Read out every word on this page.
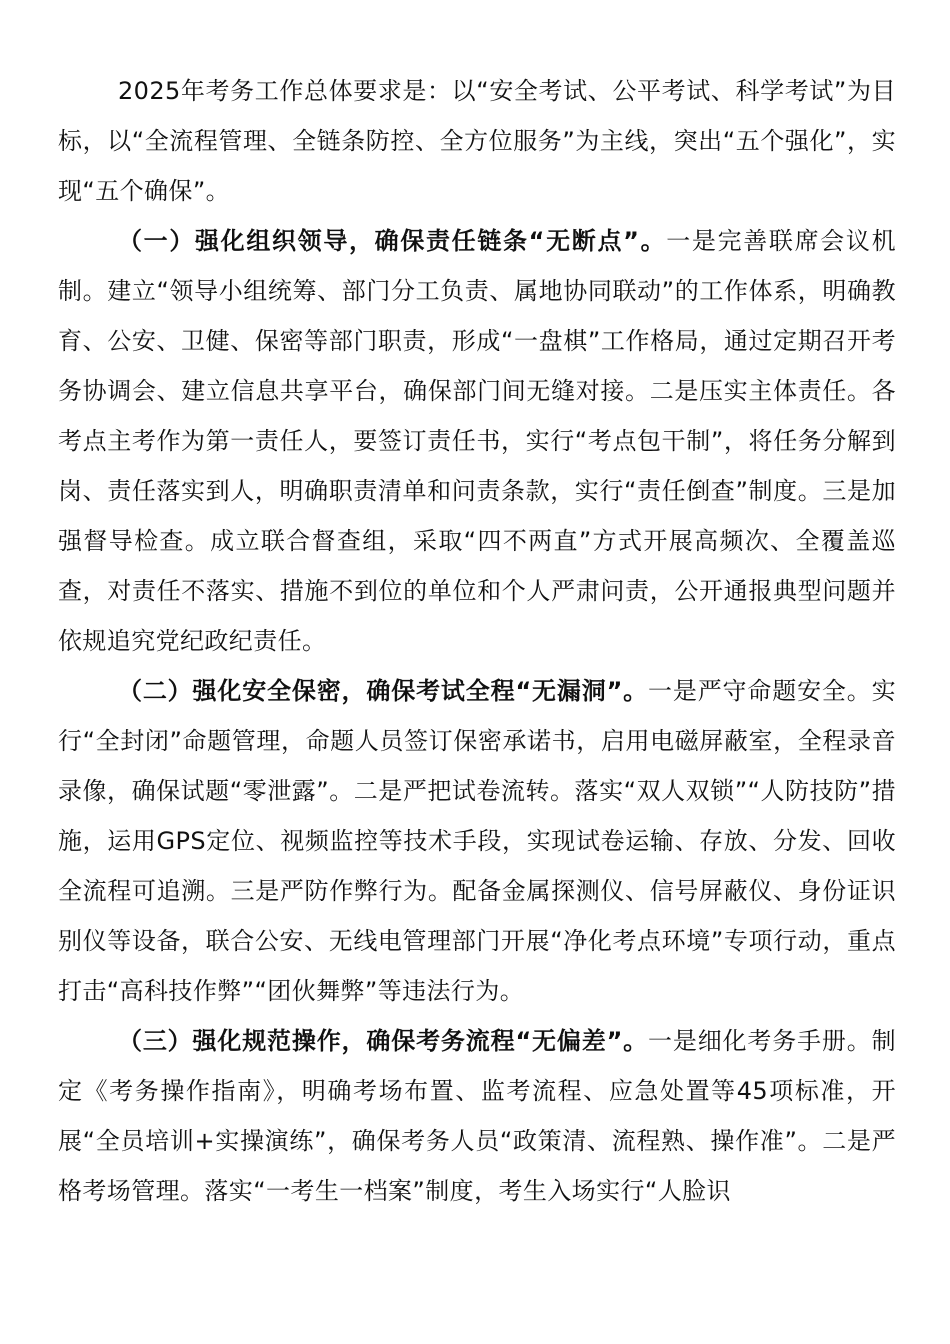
2025年考务工作总体要求是：以“安全考试、公平考试、科学考试”为目标，以“全流程管理、全链条防控、全方位服务”为主线，突出“五个强化”，实现“五个确保”。

（一）强化组织领导，确保责任链条“无断点”。一是完善联席会议机制。建立“领导小组统筹、部门分工负责、属地协同联动”的工作体系，明确教育、公安、卫健、保密等部门职责，形成“一盘棋”工作格局，通过定期召开考务协调会、建立信息共享平台，确保部门间无缝对接。二是压实主体责任。各考点主考作为第一责任人，要签订责任书，实行“考点包干制”，将任务分解到岗、责任落实到人，明确职责清单和问责条款，实行“责任倒查”制度。三是加强督导检查。成立联合督查组，采取“四不两直”方式开展高频次、全覆盖巡查，对责任不落实、措施不到位的单位和个人严肃问责，公开通报典型问题并依规追究党纪政纪责任。

（二）强化安全保密，确保考试全程“无漏洞”。一是严守命题安全。实行“全封闭”命题管理，命题人员签订保密承诺书，启用电磁屏蔽室，全程录音录像，确保试题“零泄露”。二是严把试卷流转。落实“双人双锁”“人防技防”措施，运用GPS定位、视频监控等技术手段，实现试卷运输、存放、分发、回收全流程可追溯。三是严防作弊行为。配备金属探测仪、信号屏蔽仪、身份证识别仪等设备，联合公安、无线电管理部门开展“净化考点环境”专项行动，重点打击“高科技作弊”“团伙舞弊”等违法行为。

（三）强化规范操作，确保考务流程“无偏差”。一是细化考务手册。制定《考务操作指南》，明确考场布置、监考流程、应急处置等45项标准，开展“全员培训+实操演练”，确保考务人员“政策清、流程熟、操作准”。二是严格考场管理。落实“一考生一档案”制度，考生入场实行“人脸识
